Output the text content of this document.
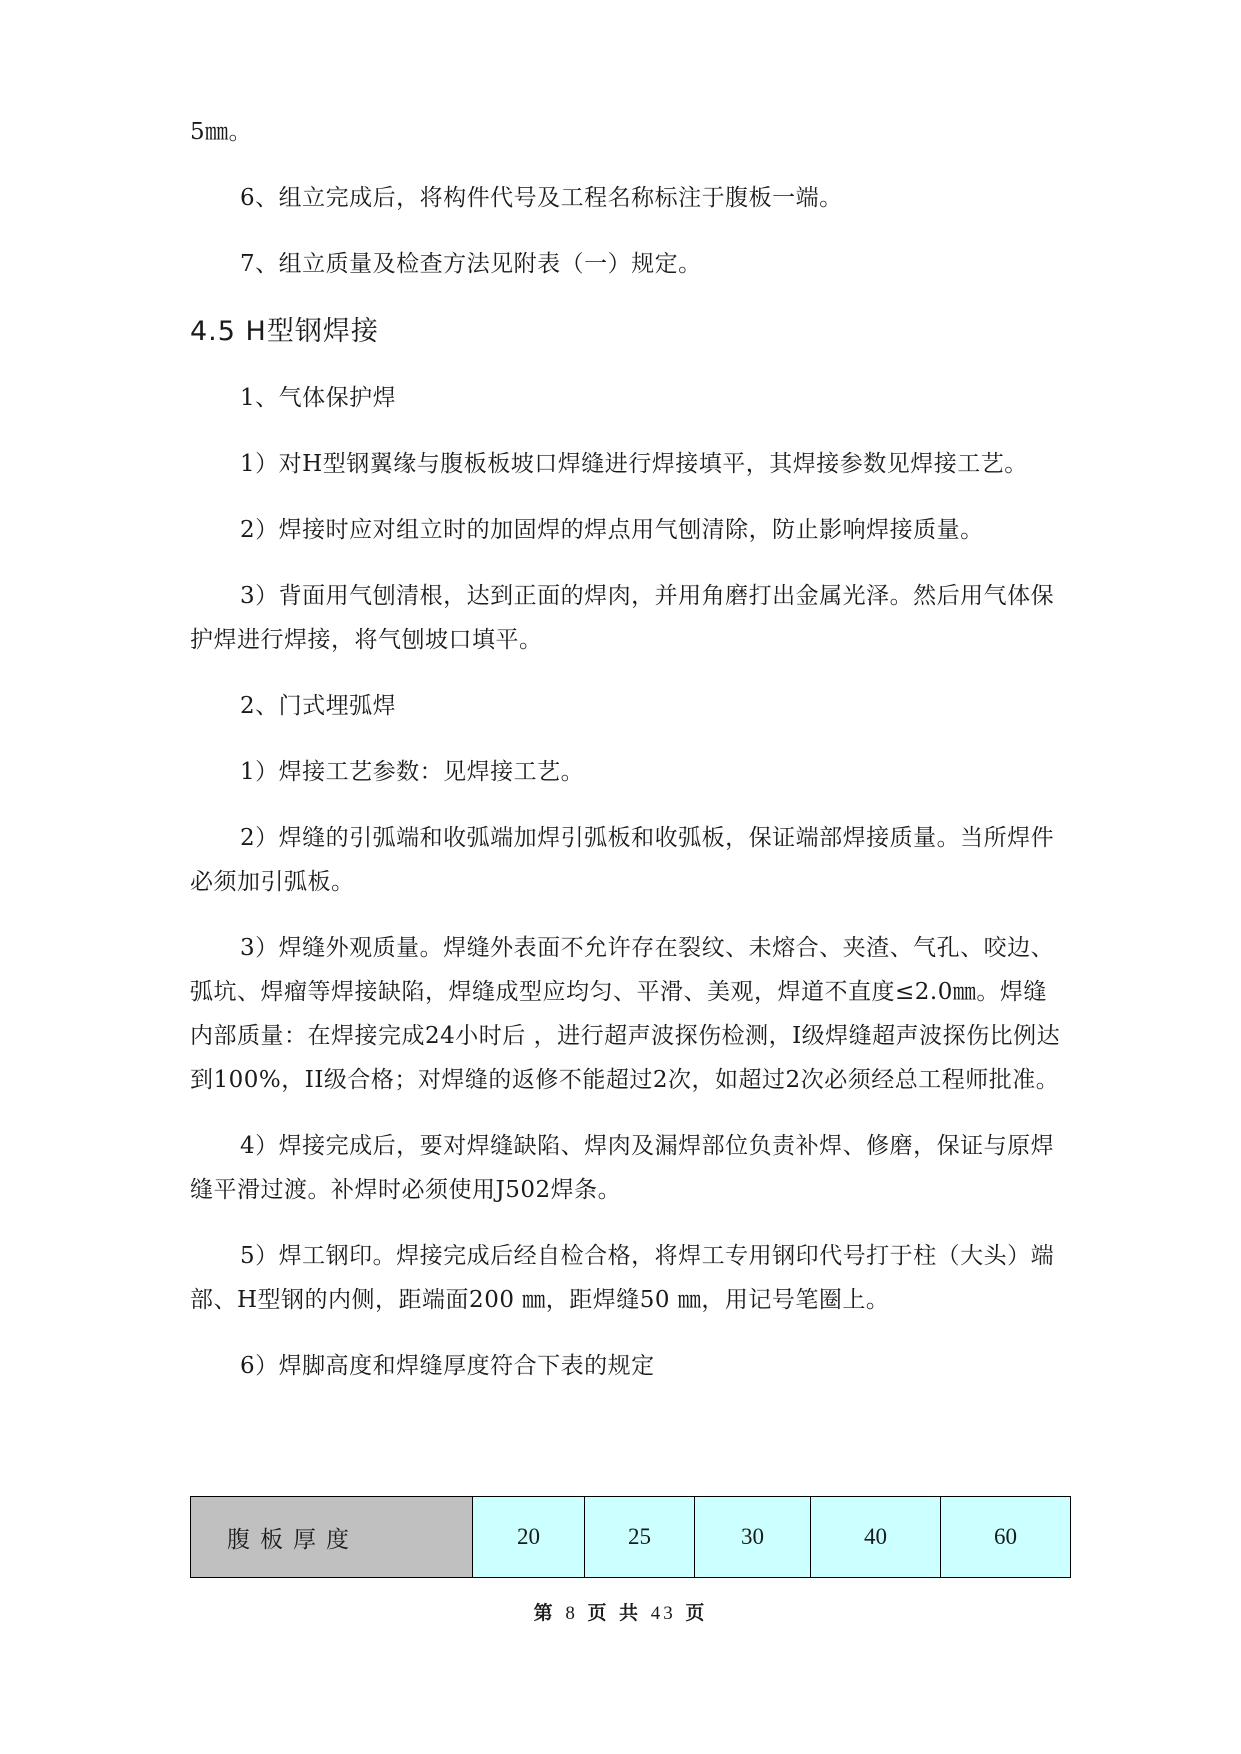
5㎜。

6、组立完成后，将构件代号及工程名称标注于腹板一端。

7、组立质量及检查方法见附表（一）规定。

4.5 H型钢焊接

1、气体保护焊

1）对H型钢翼缘与腹板板坡口焊缝进行焊接填平，其焊接参数见焊接工艺。

2）焊接时应对组立时的加固焊的焊点用气刨清除，防止影响焊接质量。

3）背面用气刨清根，达到正面的焊肉，并用角磨打出金属光泽。然后用气体保护焊进行焊接，将气刨坡口填平。

2、门式埋弧焊

1）焊接工艺参数：见焊接工艺。

2）焊缝的引弧端和收弧端加焊引弧板和收弧板，保证端部焊接质量。当所焊件必须加引弧板。

3）焊缝外观质量。焊缝外表面不允许存在裂纹、未熔合、夹渣、气孔、咬边、弧坑、焊瘤等焊接缺陷，焊缝成型应均匀、平滑、美观，焊道不直度≤2.0㎜。焊缝内部质量：在焊接完成24小时后 ，进行超声波探伤检测，I级焊缝超声波探伤比例达到100%，II级合格；对焊缝的返修不能超过2次，如超过2次必须经总工程师批准。

4）焊接完成后，要对焊缝缺陷、焊肉及漏焊部位负责补焊、修磨，保证与原焊缝平滑过渡。补焊时必须使用J502焊条。

5）焊工钢印。焊接完成后经自检合格，将焊工专用钢印代号打于柱（大头）端部、H型钢的内侧，距端面200 ㎜，距焊缝50 ㎜，用记号笔圈上。

6）焊脚高度和焊缝厚度符合下表的规定

腹板厚度	20	25	30	40	60
第 8 页 共 43 页
